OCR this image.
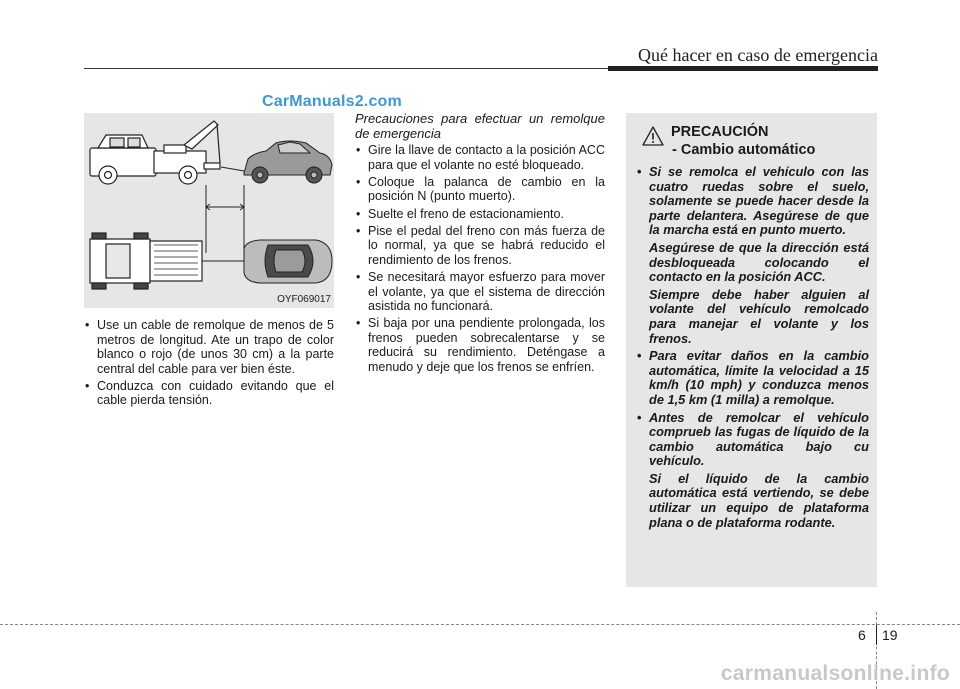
Qué hacer en caso de emergencia
CarManuals2.com
OYF069017
• Use un cable de remolque de menos de 5 metros de longitud. Ate un trapo de color blanco o rojo (de unos 30 cm) a la parte central del cable para ver bien éste.
• Conduzca con cuidado evitando que el cable pierda tensión.
Precauciones para efectuar un remolque de emergencia
• Gire la llave de contacto a la posición ACC para que el volante no esté bloqueado.
• Coloque la palanca de cambio en la posición N (punto muerto).
• Suelte el freno de estacionamiento.
• Pise el pedal del freno con más fuerza de lo normal, ya que se habrá reducido el rendimiento de los frenos.
• Se necesitará mayor esfuerzo para mover el volante, ya que el sistema de dirección asistida no funcionará.
• Si baja por una pendiente prolongada, los frenos pueden sobrecalentarse y se reducirá su rendimiento. Deténgase a menudo y deje que los frenos se enfríen.
PRECAUCIÓN
- Cambio automático

• Si se remolca el vehículo con las cuatro ruedas sobre el suelo, solamente se puede hacer desde la parte delantera. Asegúrese de que la marcha está en punto muerto.

Asegúrese de que la dirección está desbloqueada colocando el contacto en la posición ACC.

Siempre debe haber alguien al volante del vehículo remolcado para manejar el volante y los frenos.

• Para evitar daños en la cambio automática, límite la velocidad a 15 km/h (10 mph) y conduzca menos de 1,5 km (1 milla) a remolque.

• Antes de remolcar el vehículo comprueb las fugas de líquido de la cambio automática bajo cu vehículo.

Si el líquido de la cambio automática está vertiendo, se debe utilizar un equipo de plataforma plana o de plataforma rodante.

6 19
carmanualsonline.info
